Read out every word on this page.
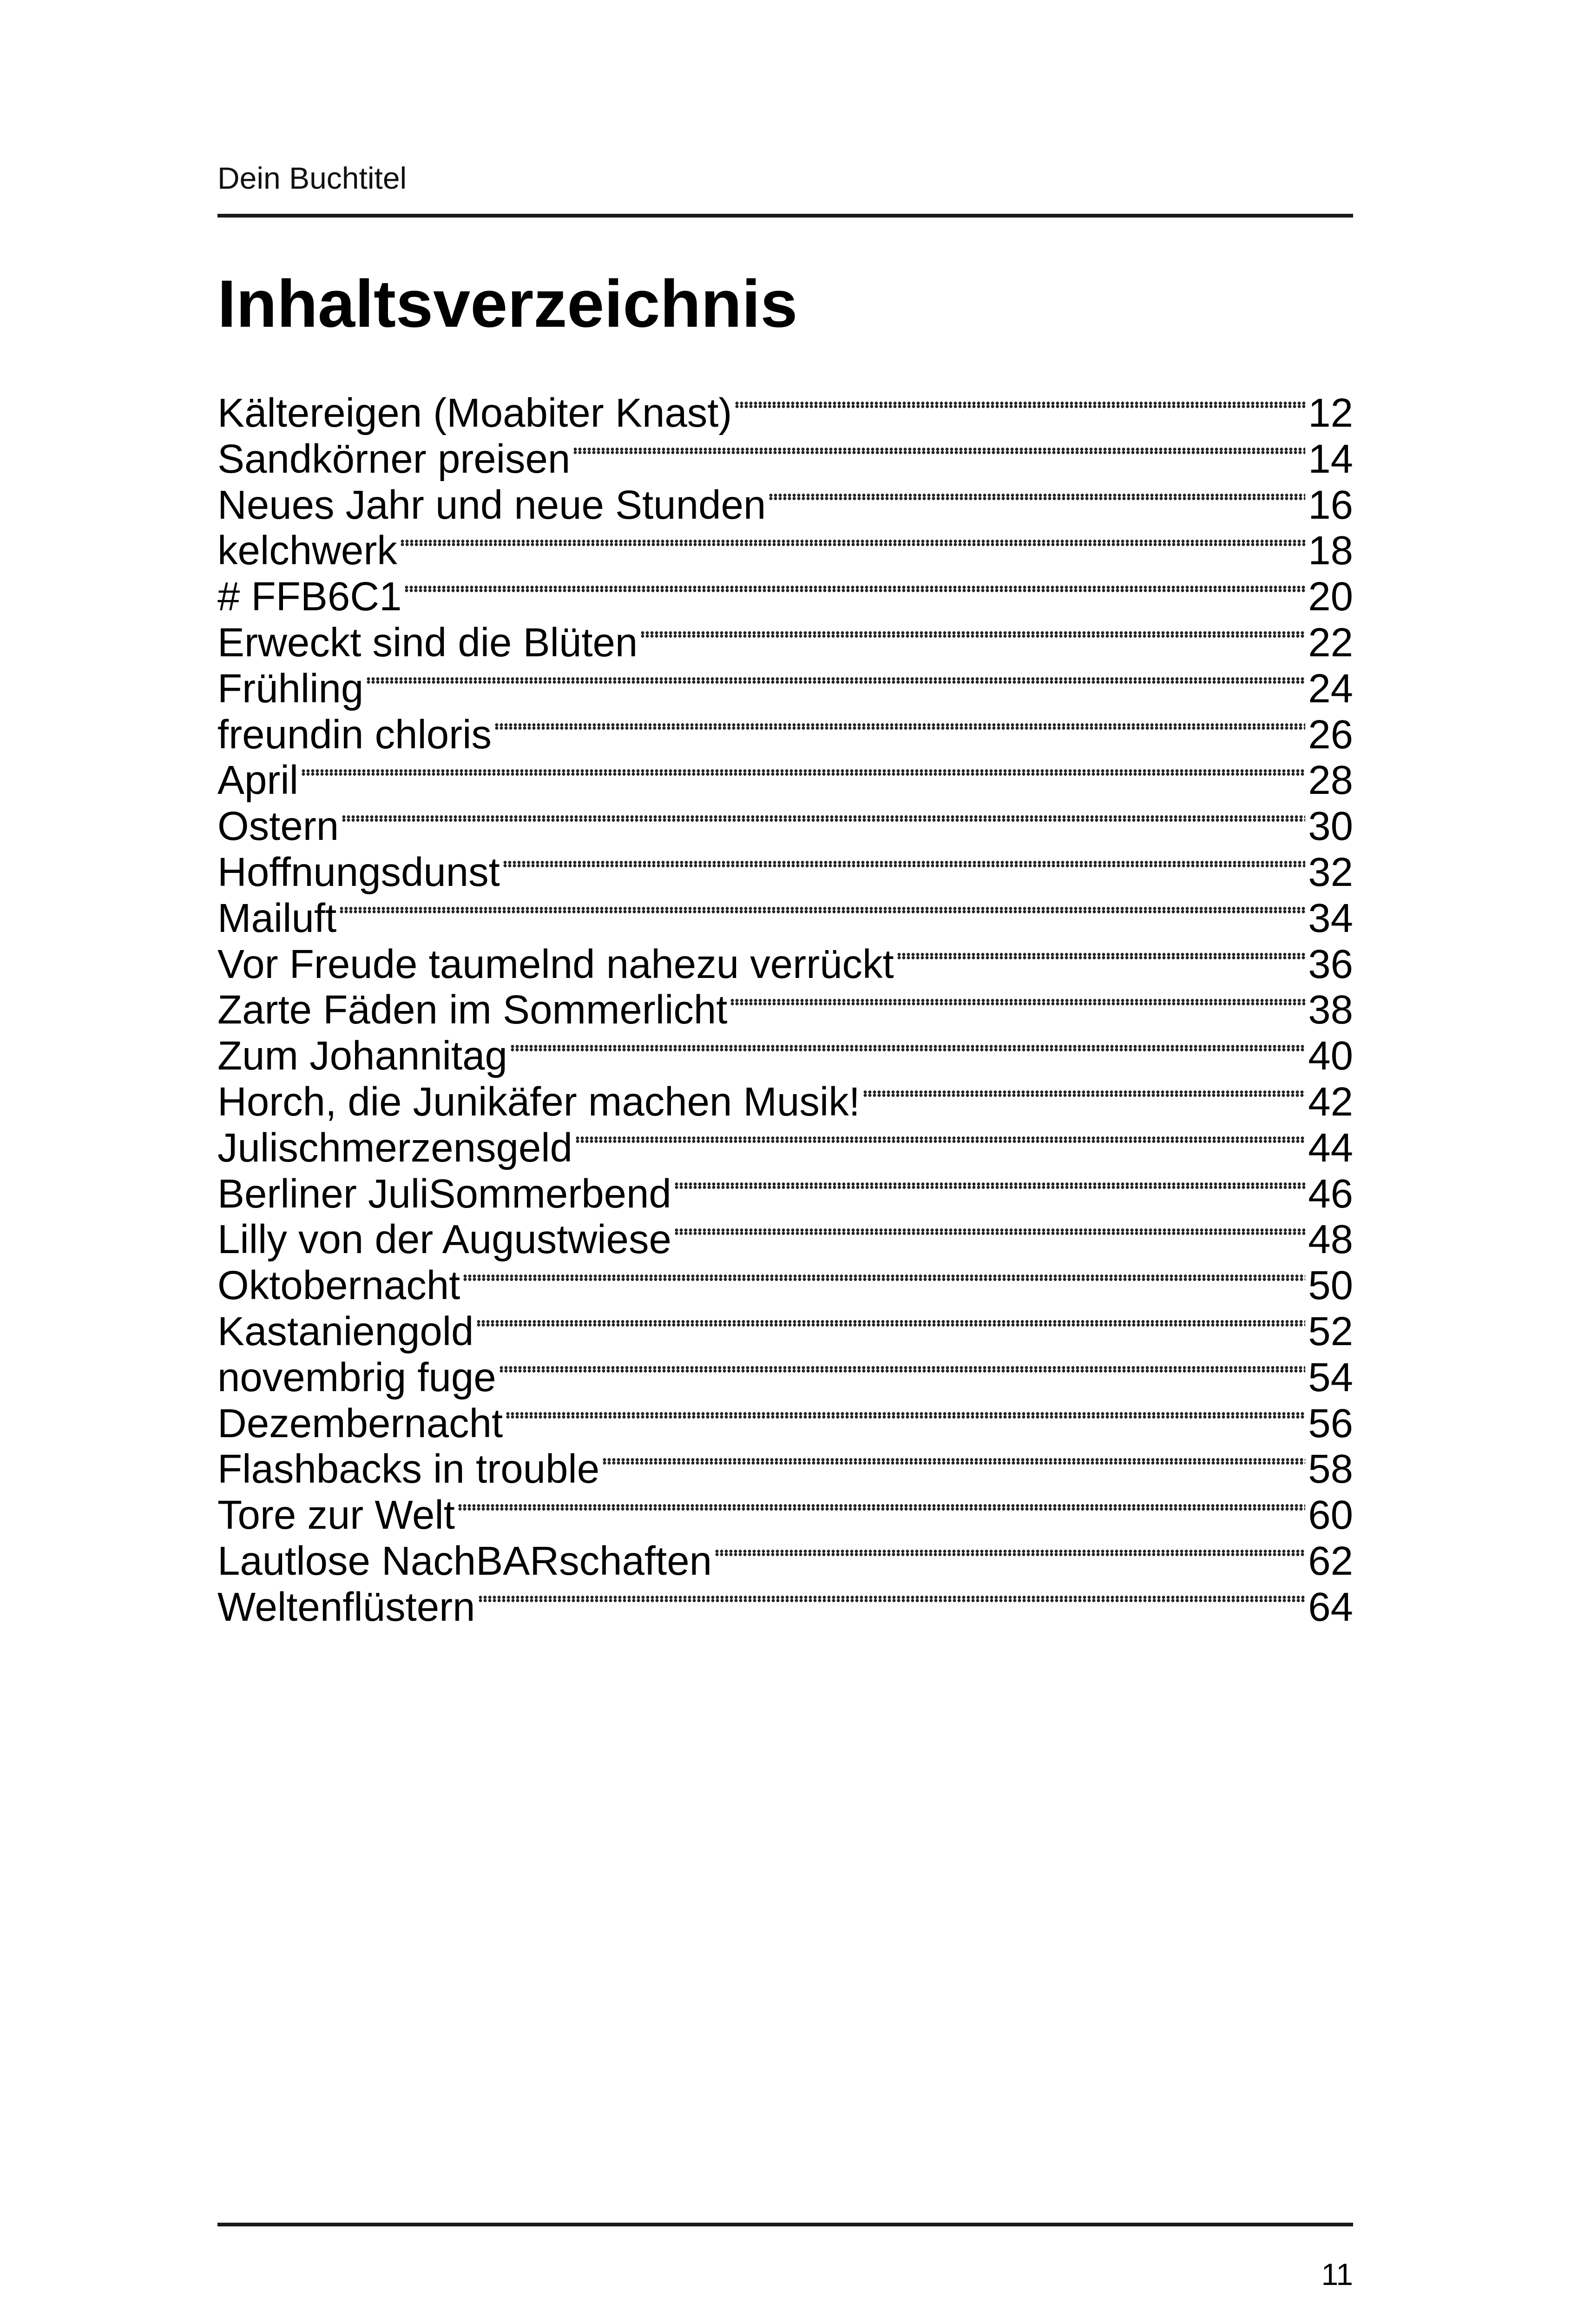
Dein Buchtitel

Inhaltsverzeichnis
Kältereigen (Moabiter Knast)	12
Sandkörner preisen	14
Neues Jahr und neue Stunden	16
kelchwerk	18
# FFB6C1	20
Erweckt sind die Blüten	22
Frühling	24
freundin chloris	26
April	28
Ostern	30
Hoffnungsdunst	32
Mailuft	34
Vor Freude taumelnd nahezu verrückt	36
Zarte Fäden im Sommerlicht	38
Zum Johannitag	40
Horch, die Junikäfer machen Musik!	42
Julischmerzensgeld	44
Berliner JuliSommerbend	46
Lilly von der Augustwiese	48
Oktobernacht	50
Kastaniengold	52
novembrig fuge	54
Dezembernacht	56
Flashbacks in trouble	58
Tore zur Welt	60
Lautlose NachBARschaften	62
Weltenflüstern	64

11
